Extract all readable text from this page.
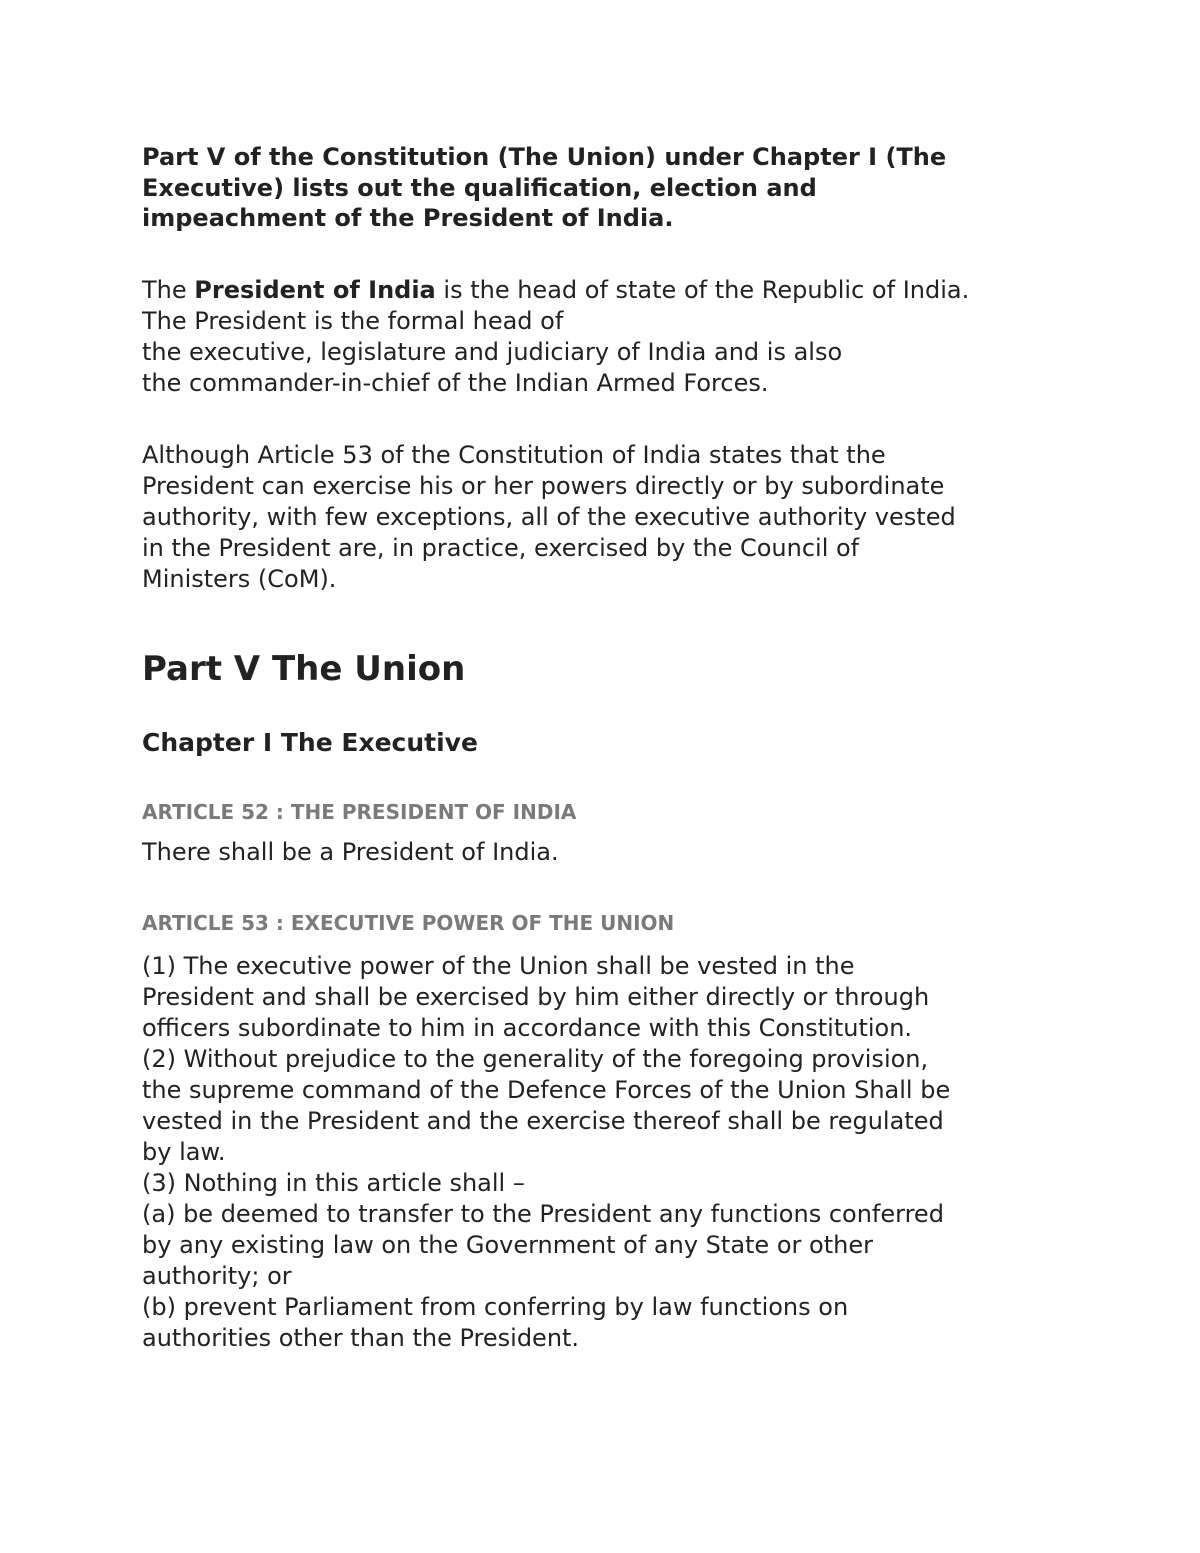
Part V of the Constitution (The Union) under Chapter I (The
Executive) lists out the qualification, election and
impeachment of the President of India.

The President of India is the head of state of the Republic of India.
The President is the formal head of
the executive, legislature and judiciary of India and is also
the commander-in-chief of the Indian Armed Forces.

Although Article 53 of the Constitution of India states that the
President can exercise his or her powers directly or by subordinate
authority, with few exceptions, all of the executive authority vested
in the President are, in practice, exercised by the Council of
Ministers (CoM).

Part V The Union
Chapter I The Executive
ARTICLE 52 : THE PRESIDENT OF INDIA

There shall be a President of India.

ARTICLE 53 : EXECUTIVE POWER OF THE UNION

(1) The executive power of the Union shall be vested in the
President and shall be exercised by him either directly or through
officers subordinate to him in accordance with this Constitution.
(2) Without prejudice to the generality of the foregoing provision,
the supreme command of the Defence Forces of the Union Shall be
vested in the President and the exercise thereof shall be regulated
by law.
(3) Nothing in this article shall –
(a) be deemed to transfer to the President any functions conferred
by any existing law on the Government of any State or other
authority; or
(b) prevent Parliament from conferring by law functions on
authorities other than the President.
